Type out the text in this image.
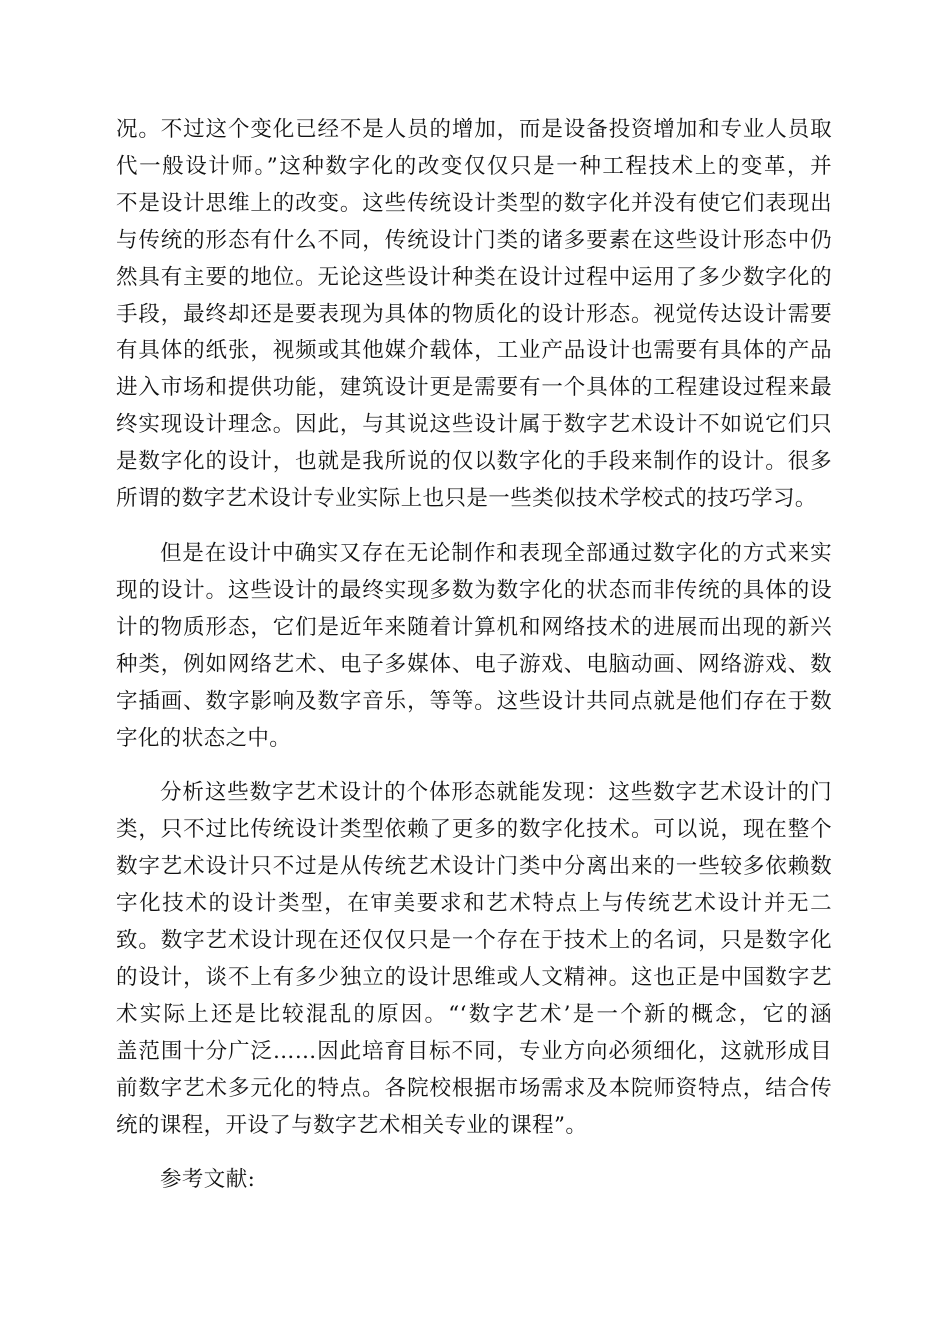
况。不过这个变化已经不是人员的增加，而是设备投资增加和专业人员取
代一般设计师。”这种数字化的改变仅仅只是一种工程技术上的变革，并
不是设计思维上的改变。这些传统设计类型的数字化并没有使它们表现出
与传统的形态有什么不同，传统设计门类的诸多要素在这些设计形态中仍
然具有主要的地位。无论这些设计种类在设计过程中运用了多少数字化的
手段，最终却还是要表现为具体的物质化的设计形态。视觉传达设计需要
有具体的纸张，视频或其他媒介载体，工业产品设计也需要有具体的产品
进入市场和提供功能，建筑设计更是需要有一个具体的工程建设过程来最
终实现设计理念。因此，与其说这些设计属于数字艺术设计不如说它们只
是数字化的设计，也就是我所说的仅以数字化的手段来制作的设计。很多
所谓的数字艺术设计专业实际上也只是一些类似技术学校式的技巧学习。

但是在设计中确实又存在无论制作和表现全部通过数字化的方式来实
现的设计。这些设计的最终实现多数为数字化的状态而非传统的具体的设
计的物质形态，它们是近年来随着计算机和网络技术的进展而出现的新兴
种类，例如网络艺术、电子多媒体、电子游戏、电脑动画、网络游戏、数
字插画、数字影响及数字音乐，等等。这些设计共同点就是他们存在于数
字化的状态之中。

分析这些数字艺术设计的个体形态就能发现：这些数字艺术设计的门
类，只不过比传统设计类型依赖了更多的数字化技术。可以说，现在整个
数字艺术设计只不过是从传统艺术设计门类中分离出来的一些较多依赖数
字化技术的设计类型，在审美要求和艺术特点上与传统艺术设计并无二
致。数字艺术设计现在还仅仅只是一个存在于技术上的名词，只是数字化
的设计，谈不上有多少独立的设计思维或人文精神。这也正是中国数字艺
术实际上还是比较混乱的原因。“‘数字艺术’是一个新的概念，它的涵
盖范围十分广泛……因此培育目标不同，专业方向必须细化，这就形成目
前数字艺术多元化的特点。各院校根据市场需求及本院师资特点，结合传
统的课程，开设了与数字艺术相关专业的课程”。

参考文献:
